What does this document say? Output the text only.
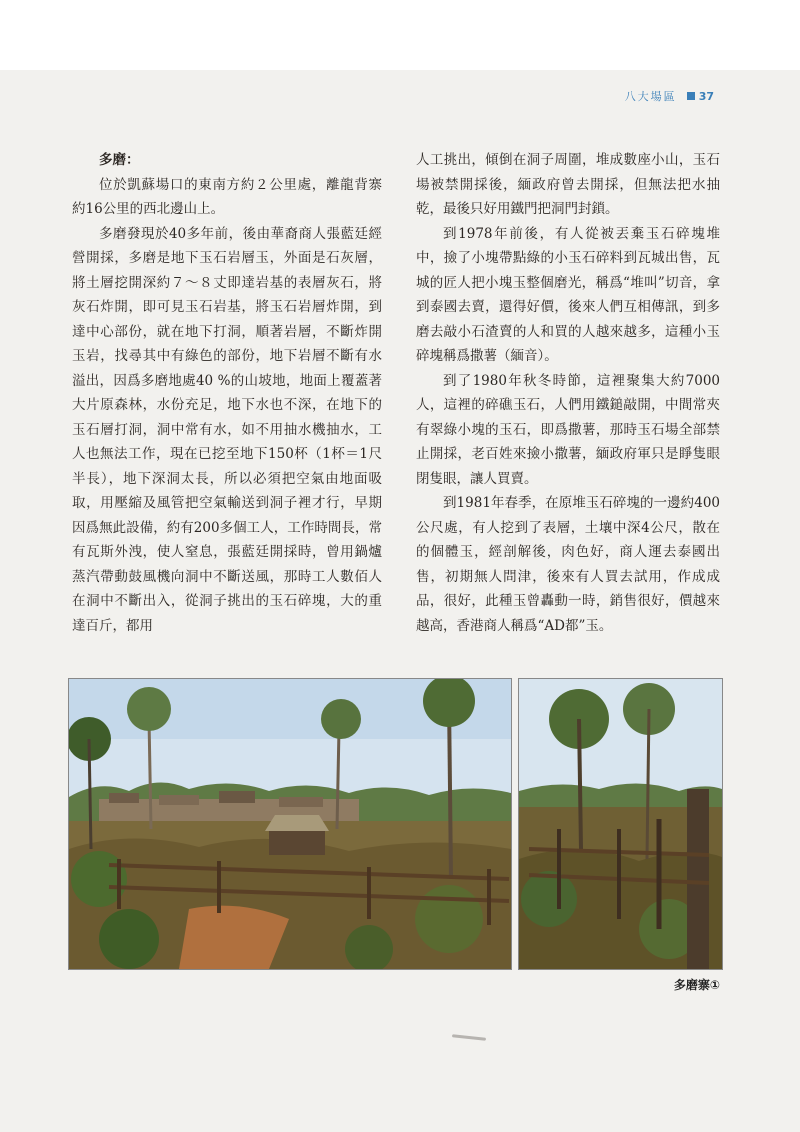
八大場區 37

多磨：

位於凱蘇場口的東南方約２公里處，離龍背寨約16公里的西北邊山上。

多磨發現於40多年前，後由華裔商人張藍廷經營開採，多磨是地下玉石岩層玉，外面是石灰層，將土層挖開深約７～８丈即達岩基的表層灰石，將灰石炸開，即可見玉石岩基，將玉石岩層炸開，到達中心部份，就在地下打洞，順著岩層，不斷炸開玉岩，找尋其中有綠色的部份，地下岩層不斷有水溢出，因爲多磨地處40 %的山坡地，地面上覆蓋著大片原森林，水份充足，地下水也不深，在地下的玉石層打洞，洞中常有水，如不用抽水機抽水，工人也無法工作，現在已挖至地下150杯（1杯＝1尺半長），地下深洞太長，所以必須把空氣由地面吸取，用壓縮及風管把空氣輸送到洞子裡才行，早期因爲無此設備，約有200多個工人，工作時間長，常有瓦斯外洩，使人窒息，張藍廷開採時，曾用鍋爐蒸汽帶動鼓風機向洞中不斷送風，那時工人數佰人在洞中不斷出入，從洞子挑出的玉石碎塊，大的重達百斤，都用

人工挑出，傾倒在洞子周圍，堆成數座小山，玉石場被禁開採後，緬政府曾去開採，但無法把水抽乾，最後只好用鐵門把洞門封鎖。

到1978年前後，有人從被丟棄玉石碎塊堆中，撿了小塊帶點綠的小玉石碎料到瓦城出售，瓦城的匠人把小塊玉整個磨光，稱爲“堆叫”切音，拿到泰國去賣，還得好價，後來人們互相傳訊，到多磨去敲小石渣賣的人和買的人越來越多，這種小玉碎塊稱爲撒薯（緬音）。

到了1980年秋冬時節，這裡聚集大約7000人，這裡的碎礁玉石，人們用鐵鎚敲開，中間常夾有翠綠小塊的玉石，即爲撒薯，那時玉石場全部禁止開採，老百姓來撿小撒薯，緬政府軍只是睜隻眼閉隻眼，讓人買賣。

到1981年春季，在原堆玉石碎塊的一邊約400公尺處，有人挖到了表層，土壤中深4公尺，散在的個體玉，經剖解後，肉色好，商人運去泰國出售，初期無人問津，後來有人買去試用，作成成品，很好，此種玉曾轟動一時，銷售很好，價越來越高，香港商人稱爲“AD都”玉。

多磨寨①
